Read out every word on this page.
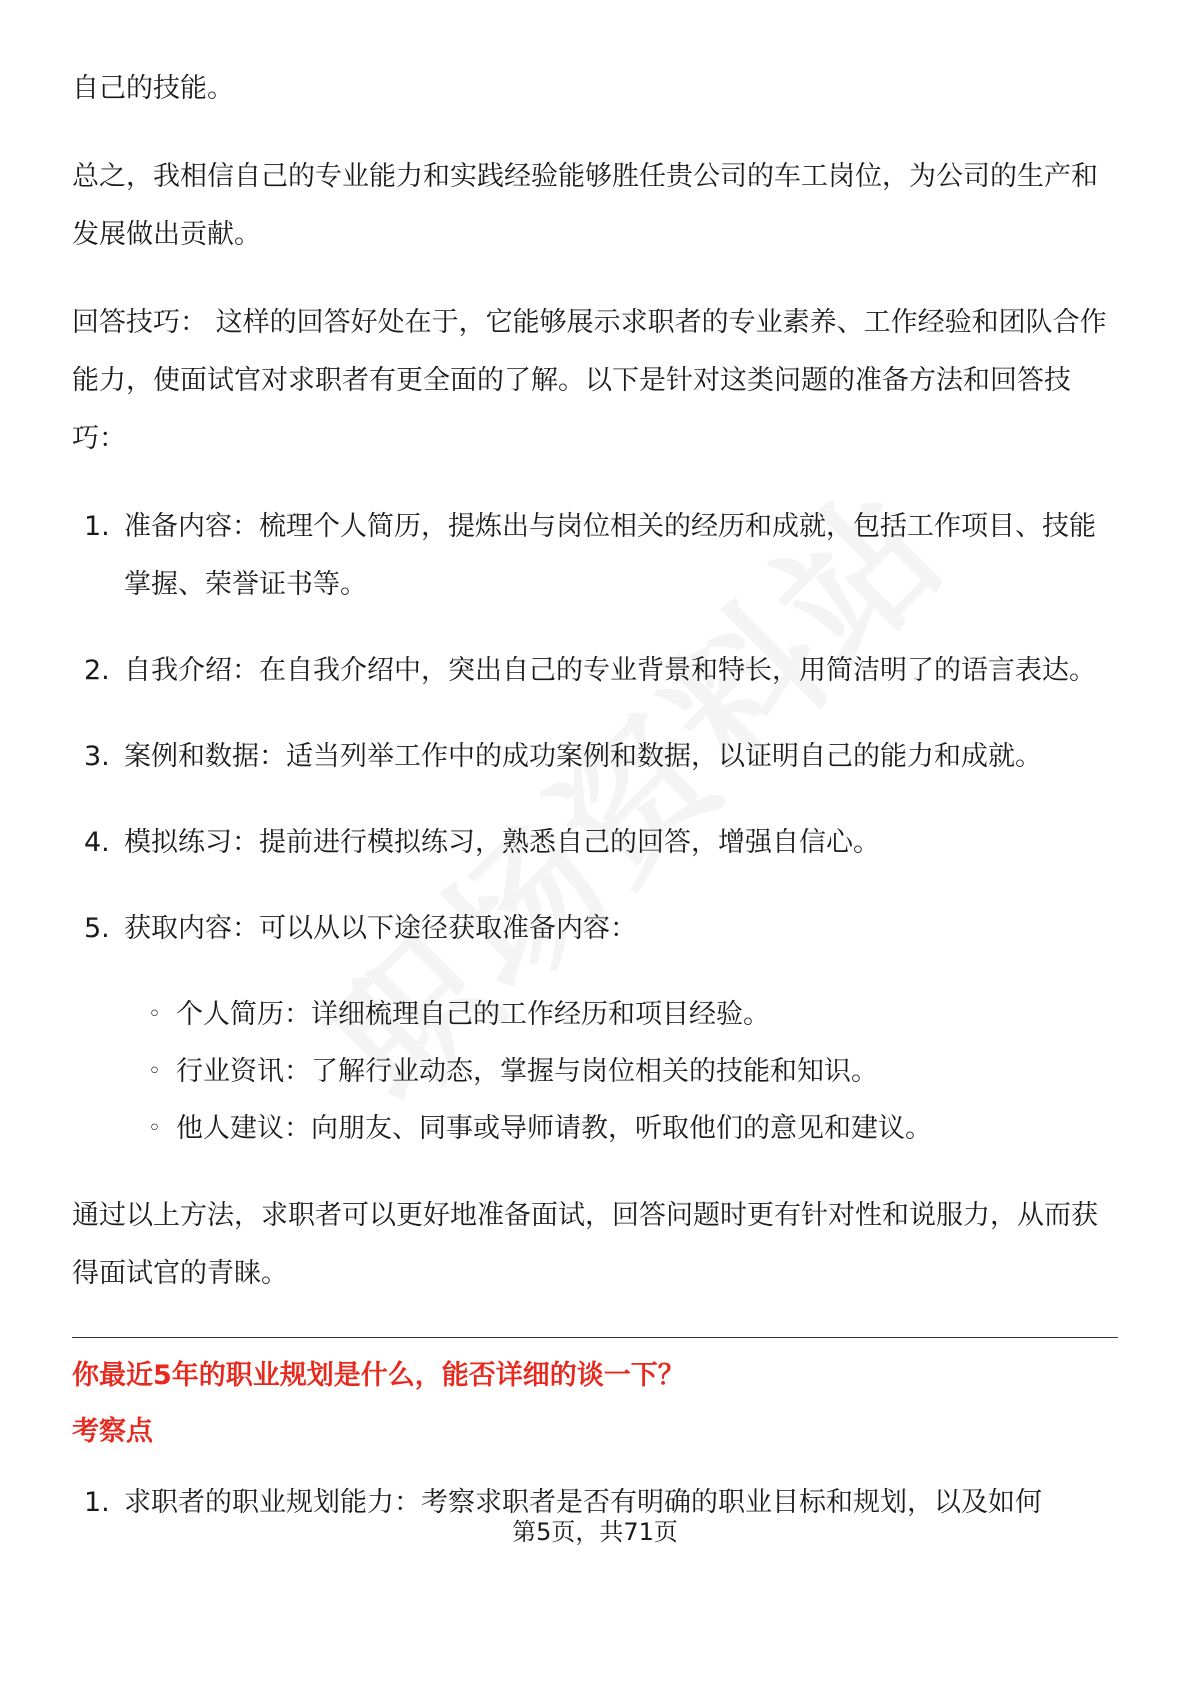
自己的技能。

总之，我相信自己的专业能力和实践经验能够胜任贵公司的车工岗位，为公司的生产和发展做出贡献。

回答技巧： 这样的回答好处在于，它能够展示求职者的专业素养、工作经验和团队合作能力，使面试官对求职者有更全面的了解。以下是针对这类问题的准备方法和回答技巧：

1. 准备内容：梳理个人简历，提炼出与岗位相关的经历和成就，包括工作项目、技能掌握、荣誉证书等。
2. 自我介绍：在自我介绍中，突出自己的专业背景和特长，用简洁明了的语言表达。
3. 案例和数据：适当列举工作中的成功案例和数据，以证明自己的能力和成就。
4. 模拟练习：提前进行模拟练习，熟悉自己的回答，增强自信心。
5. 获取内容：可以从以下途径获取准备内容：
◦ 个人简历：详细梳理自己的工作经历和项目经验。
◦ 行业资讯：了解行业动态，掌握与岗位相关的技能和知识。
◦ 他人建议：向朋友、同事或导师请教，听取他们的意见和建议。

通过以上方法，求职者可以更好地准备面试，回答问题时更有针对性和说服力，从而获得面试官的青睐。

你最近5年的职业规划是什么，能否详细的谈一下？

考察点

1. 求职者的职业规划能力：考察求职者是否有明确的职业目标和规划，以及如何
第5页，共71页
